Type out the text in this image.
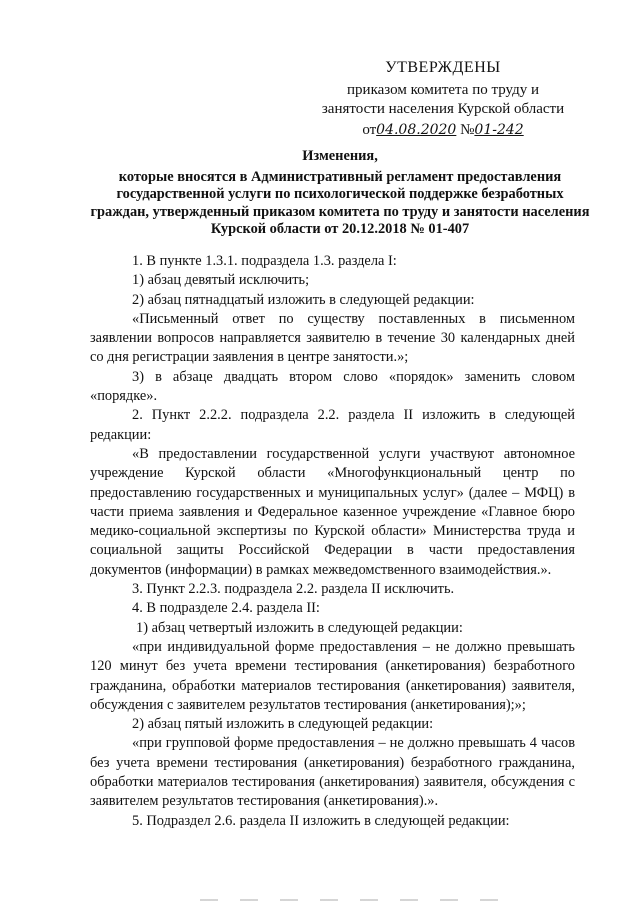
УТВЕРЖДЕНЫ
приказом комитета по труду и
занятости населения Курской области
от04.08.2020 №01-242
Изменения,
которые вносятся в Административный регламент предоставления государственной услуги по психологической поддержке безработных граждан, утвержденный приказом комитета по труду и занятости населения Курской области от 20.12.2018 № 01-407

1. В пункте 1.3.1. подраздела 1.3. раздела I:

1) абзац девятый исключить;

2) абзац пятнадцатый изложить в следующей редакции:

«Письменный ответ по существу поставленных в письменном заявлении вопросов направляется заявителю в течение 30 календарных дней со дня регистрации заявления в центре занятости.»;

3) в абзаце двадцать втором слово «порядок» заменить словом «порядке».

2. Пункт 2.2.2. подраздела 2.2. раздела II изложить в следующей редакции:

«В предоставлении государственной услуги участвуют автономное учреждение Курской области «Многофункциональный центр по предоставлению государственных и муниципальных услуг» (далее – МФЦ) в части приема заявления и Федеральное казенное учреждение «Главное бюро медико-социальной экспертизы по Курской области» Министерства труда и социальной защиты Российской Федерации в части предоставления документов (информации) в рамках межведомственного взаимодействия.».

3. Пункт 2.2.3. подраздела 2.2. раздела II исключить.

4. В подразделе 2.4. раздела II:

1) абзац четвертый изложить в следующей редакции:

«при индивидуальной форме предоставления – не должно превышать 120 минут без учета времени тестирования (анкетирования) безработного гражданина, обработки материалов тестирования (анкетирования) заявителя, обсуждения с заявителем результатов тестирования (анкетирования);»;

2) абзац пятый изложить в следующей редакции:

«при групповой форме предоставления – не должно превышать 4 часов без учета времени тестирования (анкетирования) безработного гражданина, обработки материалов тестирования (анкетирования) заявителя, обсуждения с заявителем результатов тестирования (анкетирования).».

5. Подраздел 2.6. раздела II изложить в следующей редакции:
